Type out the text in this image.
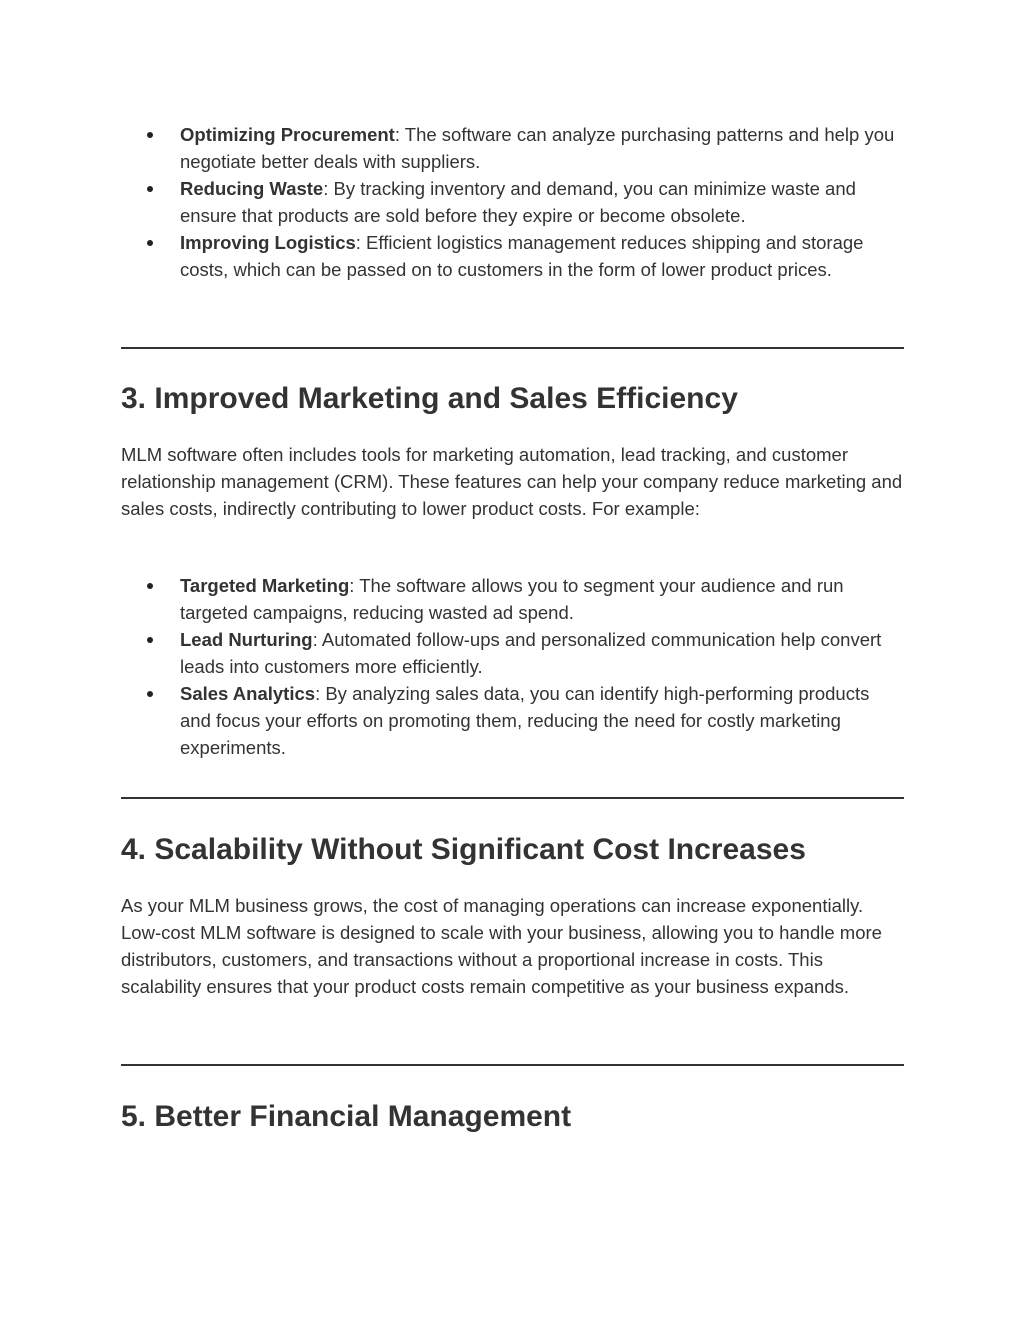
Optimizing Procurement: The software can analyze purchasing patterns and help you negotiate better deals with suppliers.
Reducing Waste: By tracking inventory and demand, you can minimize waste and ensure that products are sold before they expire or become obsolete.
Improving Logistics: Efficient logistics management reduces shipping and storage costs, which can be passed on to customers in the form of lower product prices.
3. Improved Marketing and Sales Efficiency

MLM software often includes tools for marketing automation, lead tracking, and customer relationship management (CRM). These features can help your company reduce marketing and sales costs, indirectly contributing to lower product costs. For example:

Targeted Marketing: The software allows you to segment your audience and run targeted campaigns, reducing wasted ad spend.
Lead Nurturing: Automated follow-ups and personalized communication help convert leads into customers more efficiently.
Sales Analytics: By analyzing sales data, you can identify high-performing products and focus your efforts on promoting them, reducing the need for costly marketing experiments.
4. Scalability Without Significant Cost Increases

As your MLM business grows, the cost of managing operations can increase exponentially. Low-cost MLM software is designed to scale with your business, allowing you to handle more distributors, customers, and transactions without a proportional increase in costs. This scalability ensures that your product costs remain competitive as your business expands.

5. Better Financial Management
